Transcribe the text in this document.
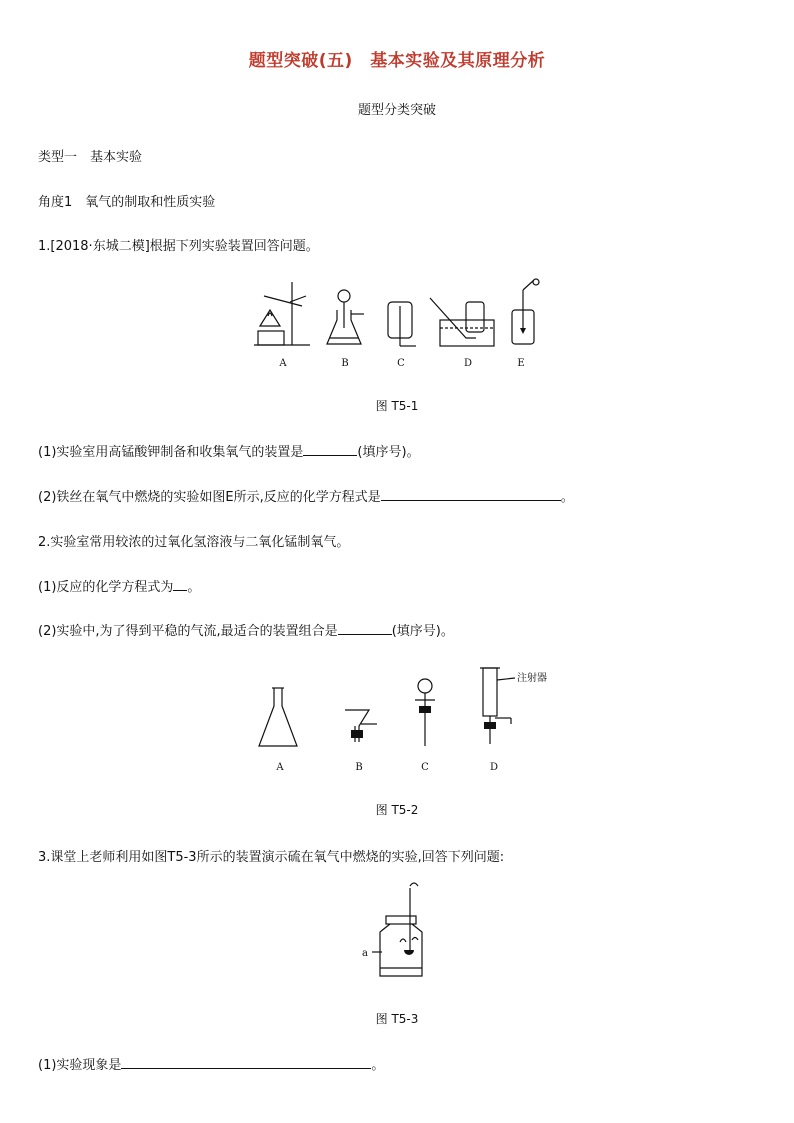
题型突破(五)　基本实验及其原理分析
题型分类突破
类型一　基本实验
角度1　氧气的制取和性质实验
1.[2018·东城二模]根据下列实验装置回答问题。
A	B	C	D	E
图 T5-1
(1)实验室用高锰酸钾制备和收集氧气的装置是	(填序号)。
(2)铁丝在氧气中燃烧的实验如图E所示,反应的化学方程式是	。
2.实验室常用较浓的过氧化氢溶液与二氧化锰制氧气。
(1)反应的化学方程式为 。
(2)实验中,为了得到平稳的气流,最适合的装置组合是	(填序号)。
注射器
A	B	C	D
图 T5-2
3.课堂上老师利用如图T5-3所示的装置演示硫在氧气中燃烧的实验,回答下列问题:
a
图 T5-3
(1)实验现象是	。
